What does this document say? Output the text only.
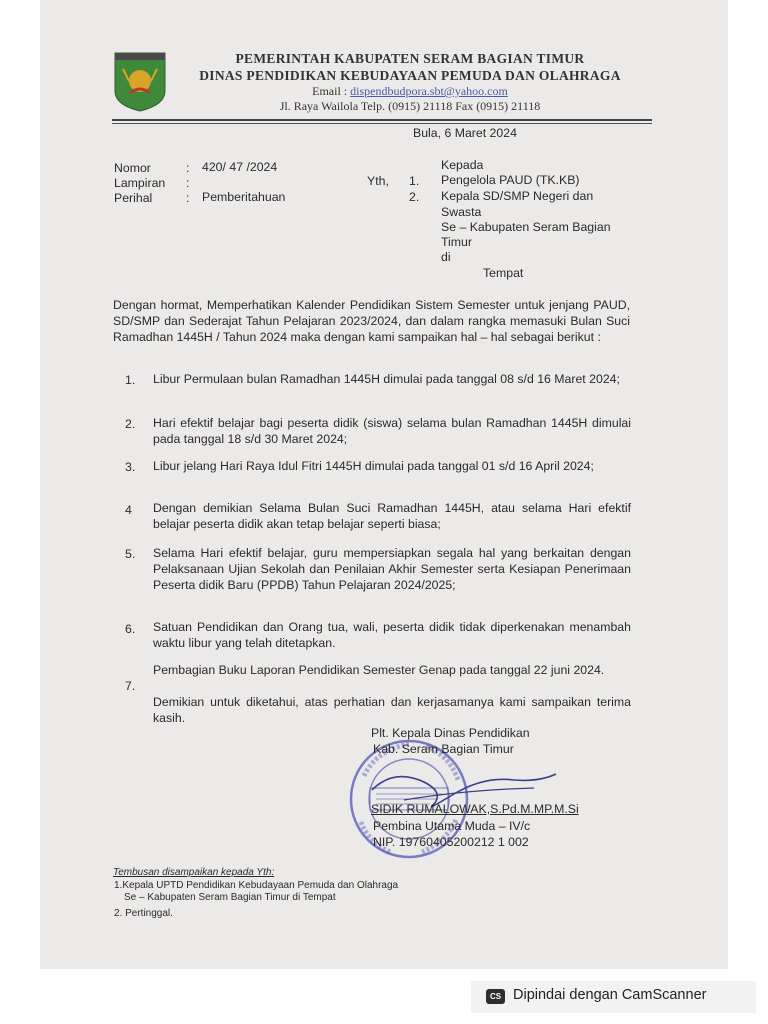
PEMERINTAH KABUPATEN SERAM BAGIAN TIMUR
DINAS PENDIDIKAN KEBUDAYAAN PEMUDA DAN OLAHRAGA
Email : dispendbudpora.sbt@yahoo.com
Jl. Raya Wailola Telp. (0915) 21118 Fax (0915) 21118
Bula, 6 Maret 2024
Nomor	: 420/ 47 /2024
Lampiran :
Perihal	: Pemberitahuan
Kepada
Yth, 1. Pengelola PAUD (TK.KB)
2. Kepala SD/SMP Negeri dan
Swasta
Se – Kabupaten Seram Bagian
Timur
di
Tempat
Dengan hormat, Memperhatikan Kalender Pendidikan Sistem Semester untuk jenjang PAUD, SD/SMP dan Sederajat Tahun Pelajaran 2023/2024, dan dalam rangka memasuki Bulan Suci Ramadhan 1445H / Tahun 2024 maka dengan kami sampaikan hal – hal sebagai berikut :
1. Libur Permulaan bulan Ramadhan 1445H dimulai pada tanggal 08 s/d 16 Maret 2024;
2. Hari efektif belajar bagi peserta didik (siswa) selama bulan Ramadhan 1445H dimulai pada tanggal 18 s/d 30 Maret 2024;
3. Libur jelang Hari Raya Idul Fitri 1445H dimulai pada tanggal 01 s/d 16 April 2024;
4 Dengan demikian Selama Bulan Suci Ramadhan 1445H, atau selama Hari efektif belajar peserta didik akan tetap belajar seperti biasa;
5. Selama Hari efektif belajar, guru mempersiapkan segala hal yang berkaitan dengan Pelaksanaan Ujian Sekolah dan Penilaian Akhir Semester serta Kesiapan Penerimaan Peserta didik Baru (PPDB) Tahun Pelajaran 2024/2025;
6. Satuan Pendidikan dan Orang tua, wali, peserta didik tidak diperkenakan menambah waktu libur yang telah ditetapkan.
7.
Pembagian Buku Laporan Pendidikan Semester Genap pada tanggal 22 juni 2024.
Demikian untuk diketahui, atas perhatian dan kerjasamanya kami sampaikan terima kasih.
Plt. Kepala Dinas Pendidikan
Kab. Seram Bagian Timur
SIDIK RUMALOWAK,S.Pd.M.MP.M.Si
Pembina Utama Muda – IV/c
NIP. 19760405200212 1 002
Tembusan disampaikan kepada Yth:
1.Kepala UPTD Pendidikan Kebudayaan Pemuda dan Olahraga
Se – Kabupaten Seram Bagian Timur di Tempat
2. Pertinggal.
CS Dipindai dengan CamScanner
